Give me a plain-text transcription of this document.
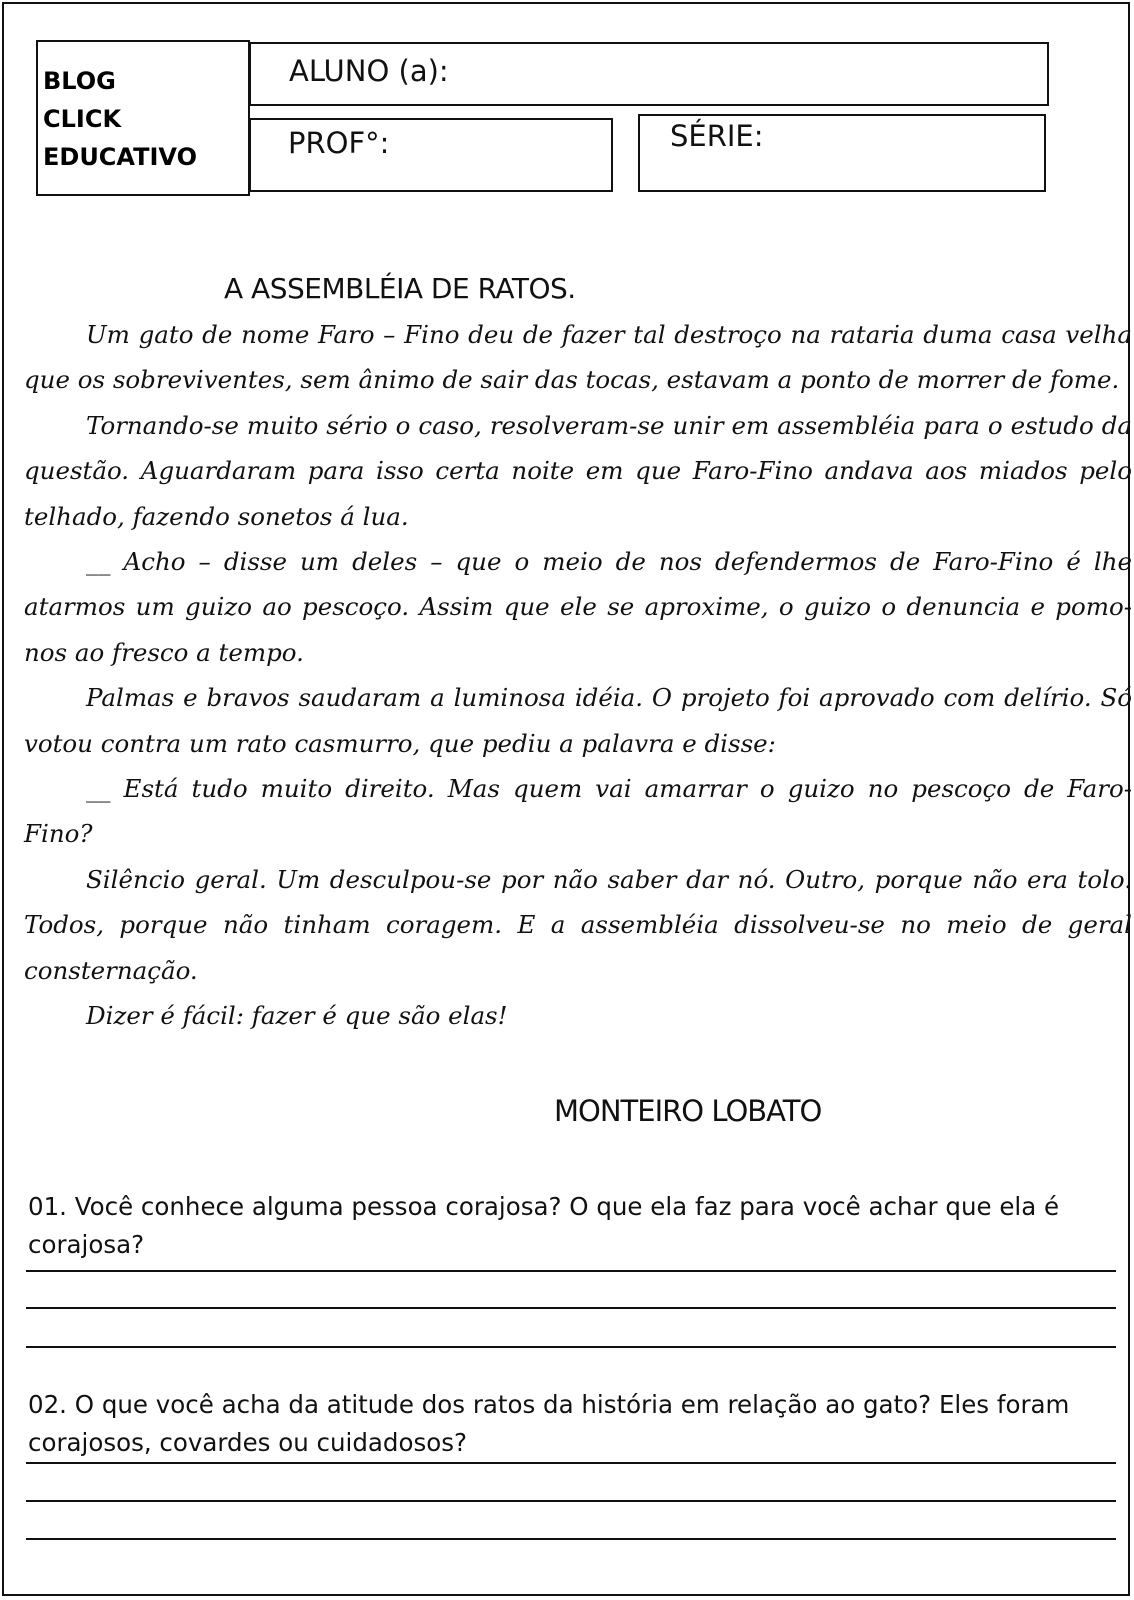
BLOG
CLICK
EDUCATIVO
ALUNO (a):
PROF°:	SÉRIE:
A ASSEMBLÉIA DE RATOS.

Um gato de nome Faro – Fino deu de fazer tal destroço na rataria duma casa velha que os sobreviventes, sem ânimo de sair das tocas, estavam a ponto de morrer de fome.

Tornando-se muito sério o caso, resolveram-se unir em assembléia para o estudo da questão. Aguardaram para isso certa noite em que Faro-Fino andava aos miados pelo telhado, fazendo sonetos á lua.

__ Acho – disse um deles – que o meio de nos defendermos de Faro-Fino é lhe atarmos um guizo ao pescoço. Assim que ele se aproxime, o guizo o denuncia e pomo-nos ao fresco a tempo.

Palmas e bravos saudaram a luminosa idéia. O projeto foi aprovado com delírio. Só votou contra um rato casmurro, que pediu a palavra e disse:

__ Está tudo muito direito. Mas quem vai amarrar o guizo no pescoço de Faro- Fino?

Silêncio geral. Um desculpou-se por não saber dar nó. Outro, porque não era tolo. Todos, porque não tinham coragem. E a assembléia dissolveu-se no meio de geral consternação.

Dizer é fácil: fazer é que são elas!

MONTEIRO LOBATO
01. Você conhece alguma pessoa corajosa? O que ela faz para você achar que ela é corajosa?
02. O que você acha da atitude dos ratos da história em relação ao gato? Eles foram corajosos, covardes ou cuidadosos?
